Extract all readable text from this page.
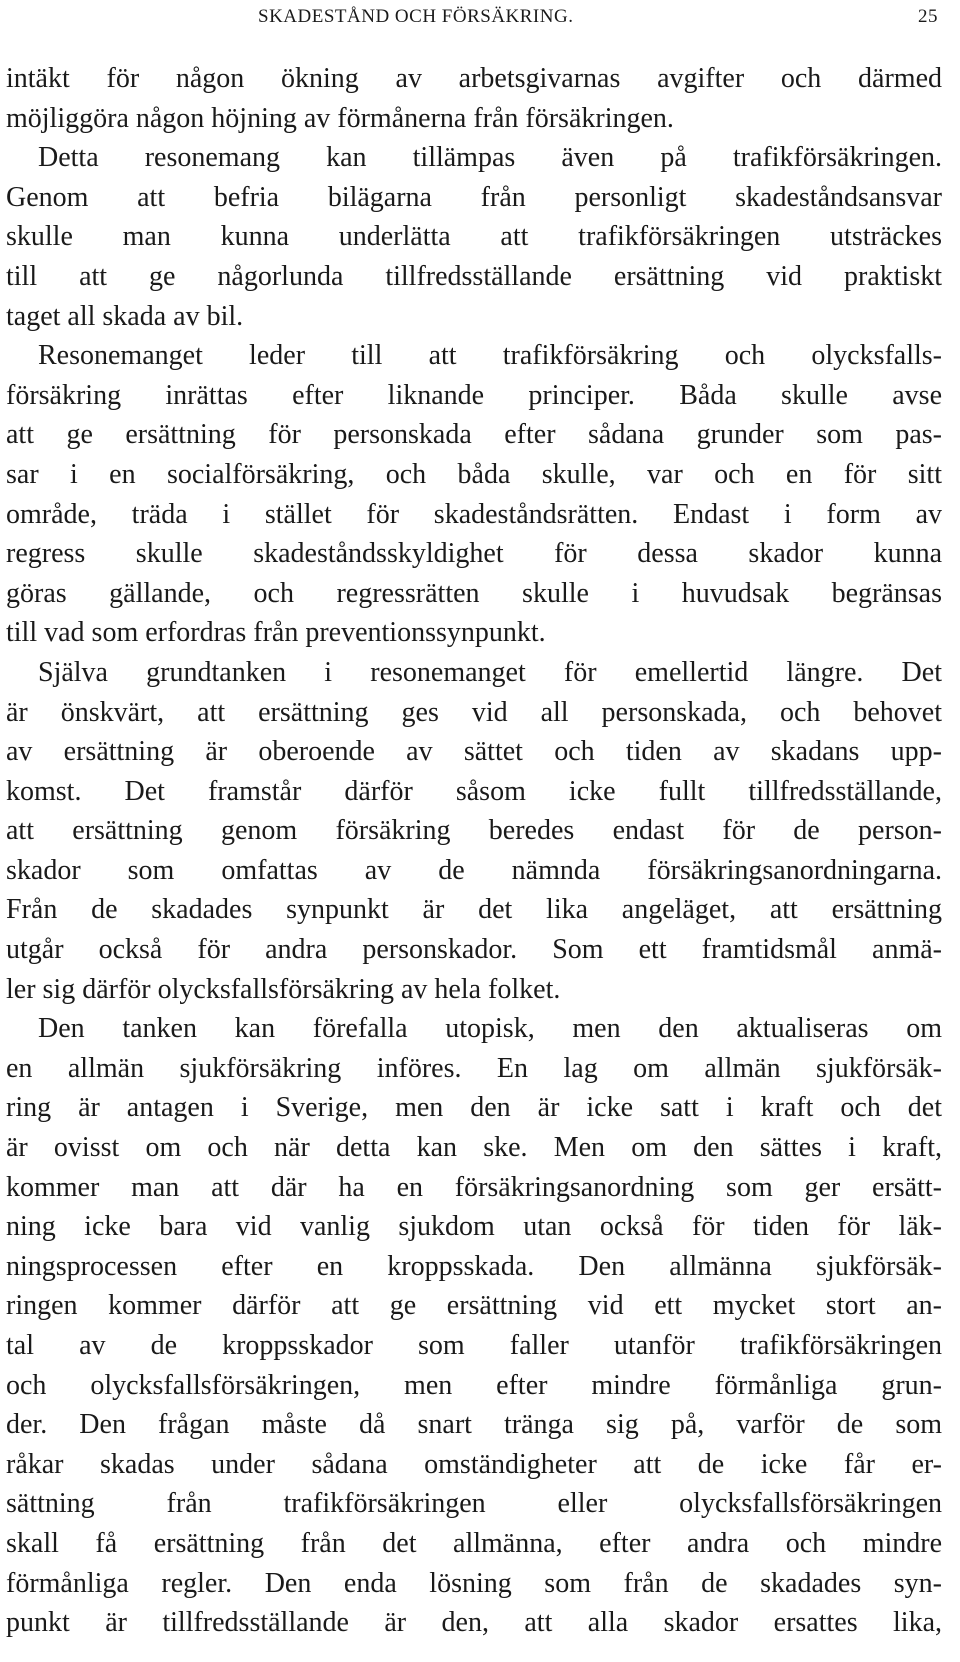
SKADESTÅND OCH FÖRSÄKRING.	25
intäkt för någon ökning av arbetsgivarnas avgifter och därmed
möjliggöra någon höjning av förmånerna från försäkringen.
Detta resonemang kan tillämpas även på trafikförsäkringen.
Genom att befria bilägarna från personligt skadeståndsansvar
skulle man kunna underlätta att trafikförsäkringen utsträckes
till att ge någorlunda tillfredsställande ersättning vid praktiskt
taget all skada av bil.
Resonemanget leder till att trafikförsäkring och olycksfalls-
försäkring inrättas efter liknande principer. Båda skulle avse
att ge ersättning för personskada efter sådana grunder som pas-
sar i en socialförsäkring, och båda skulle, var och en för sitt
område, träda i stället för skadeståndsrätten. Endast i form av
regress skulle skadeståndsskyldighet för dessa skador kunna
göras gällande, och regressrätten skulle i huvudsak begränsas
till vad som erfordras från preventionssynpunkt.
Själva grundtanken i resonemanget för emellertid längre. Det
är önskvärt, att ersättning ges vid all personskada, och behovet
av ersättning är oberoende av sättet och tiden av skadans upp-
komst. Det framstår därför såsom icke fullt tillfredsställande,
att ersättning genom försäkring beredes endast för de person-
skador som omfattas av de nämnda försäkringsanordningarna.
Från de skadades synpunkt är det lika angeläget, att ersättning
utgår också för andra personskador. Som ett framtidsmål anmä-
ler sig därför olycksfallsförsäkring av hela folket.
Den tanken kan förefalla utopisk, men den aktualiseras om
en allmän sjukförsäkring införes. En lag om allmän sjukförsäk-
ring är antagen i Sverige, men den är icke satt i kraft och det
är ovisst om och när detta kan ske. Men om den sättes i kraft,
kommer man att där ha en försäkringsanordning som ger ersätt-
ning icke bara vid vanlig sjukdom utan också för tiden för läk-
ningsprocessen efter en kroppsskada. Den allmänna sjukförsäk-
ringen kommer därför att ge ersättning vid ett mycket stort an-
tal av de kroppsskador som faller utanför trafikförsäkringen
och olycksfallsförsäkringen, men efter mindre förmånliga grun-
der. Den frågan måste då snart tränga sig på, varför de som
råkar skadas under sådana omständigheter att de icke får er-
sättning från trafikförsäkringen eller olycksfallsförsäkringen
skall få ersättning från det allmänna, efter andra och mindre
förmånliga regler. Den enda lösning som från de skadades syn-
punkt är tillfredsställande är den, att alla skador ersattes lika,
